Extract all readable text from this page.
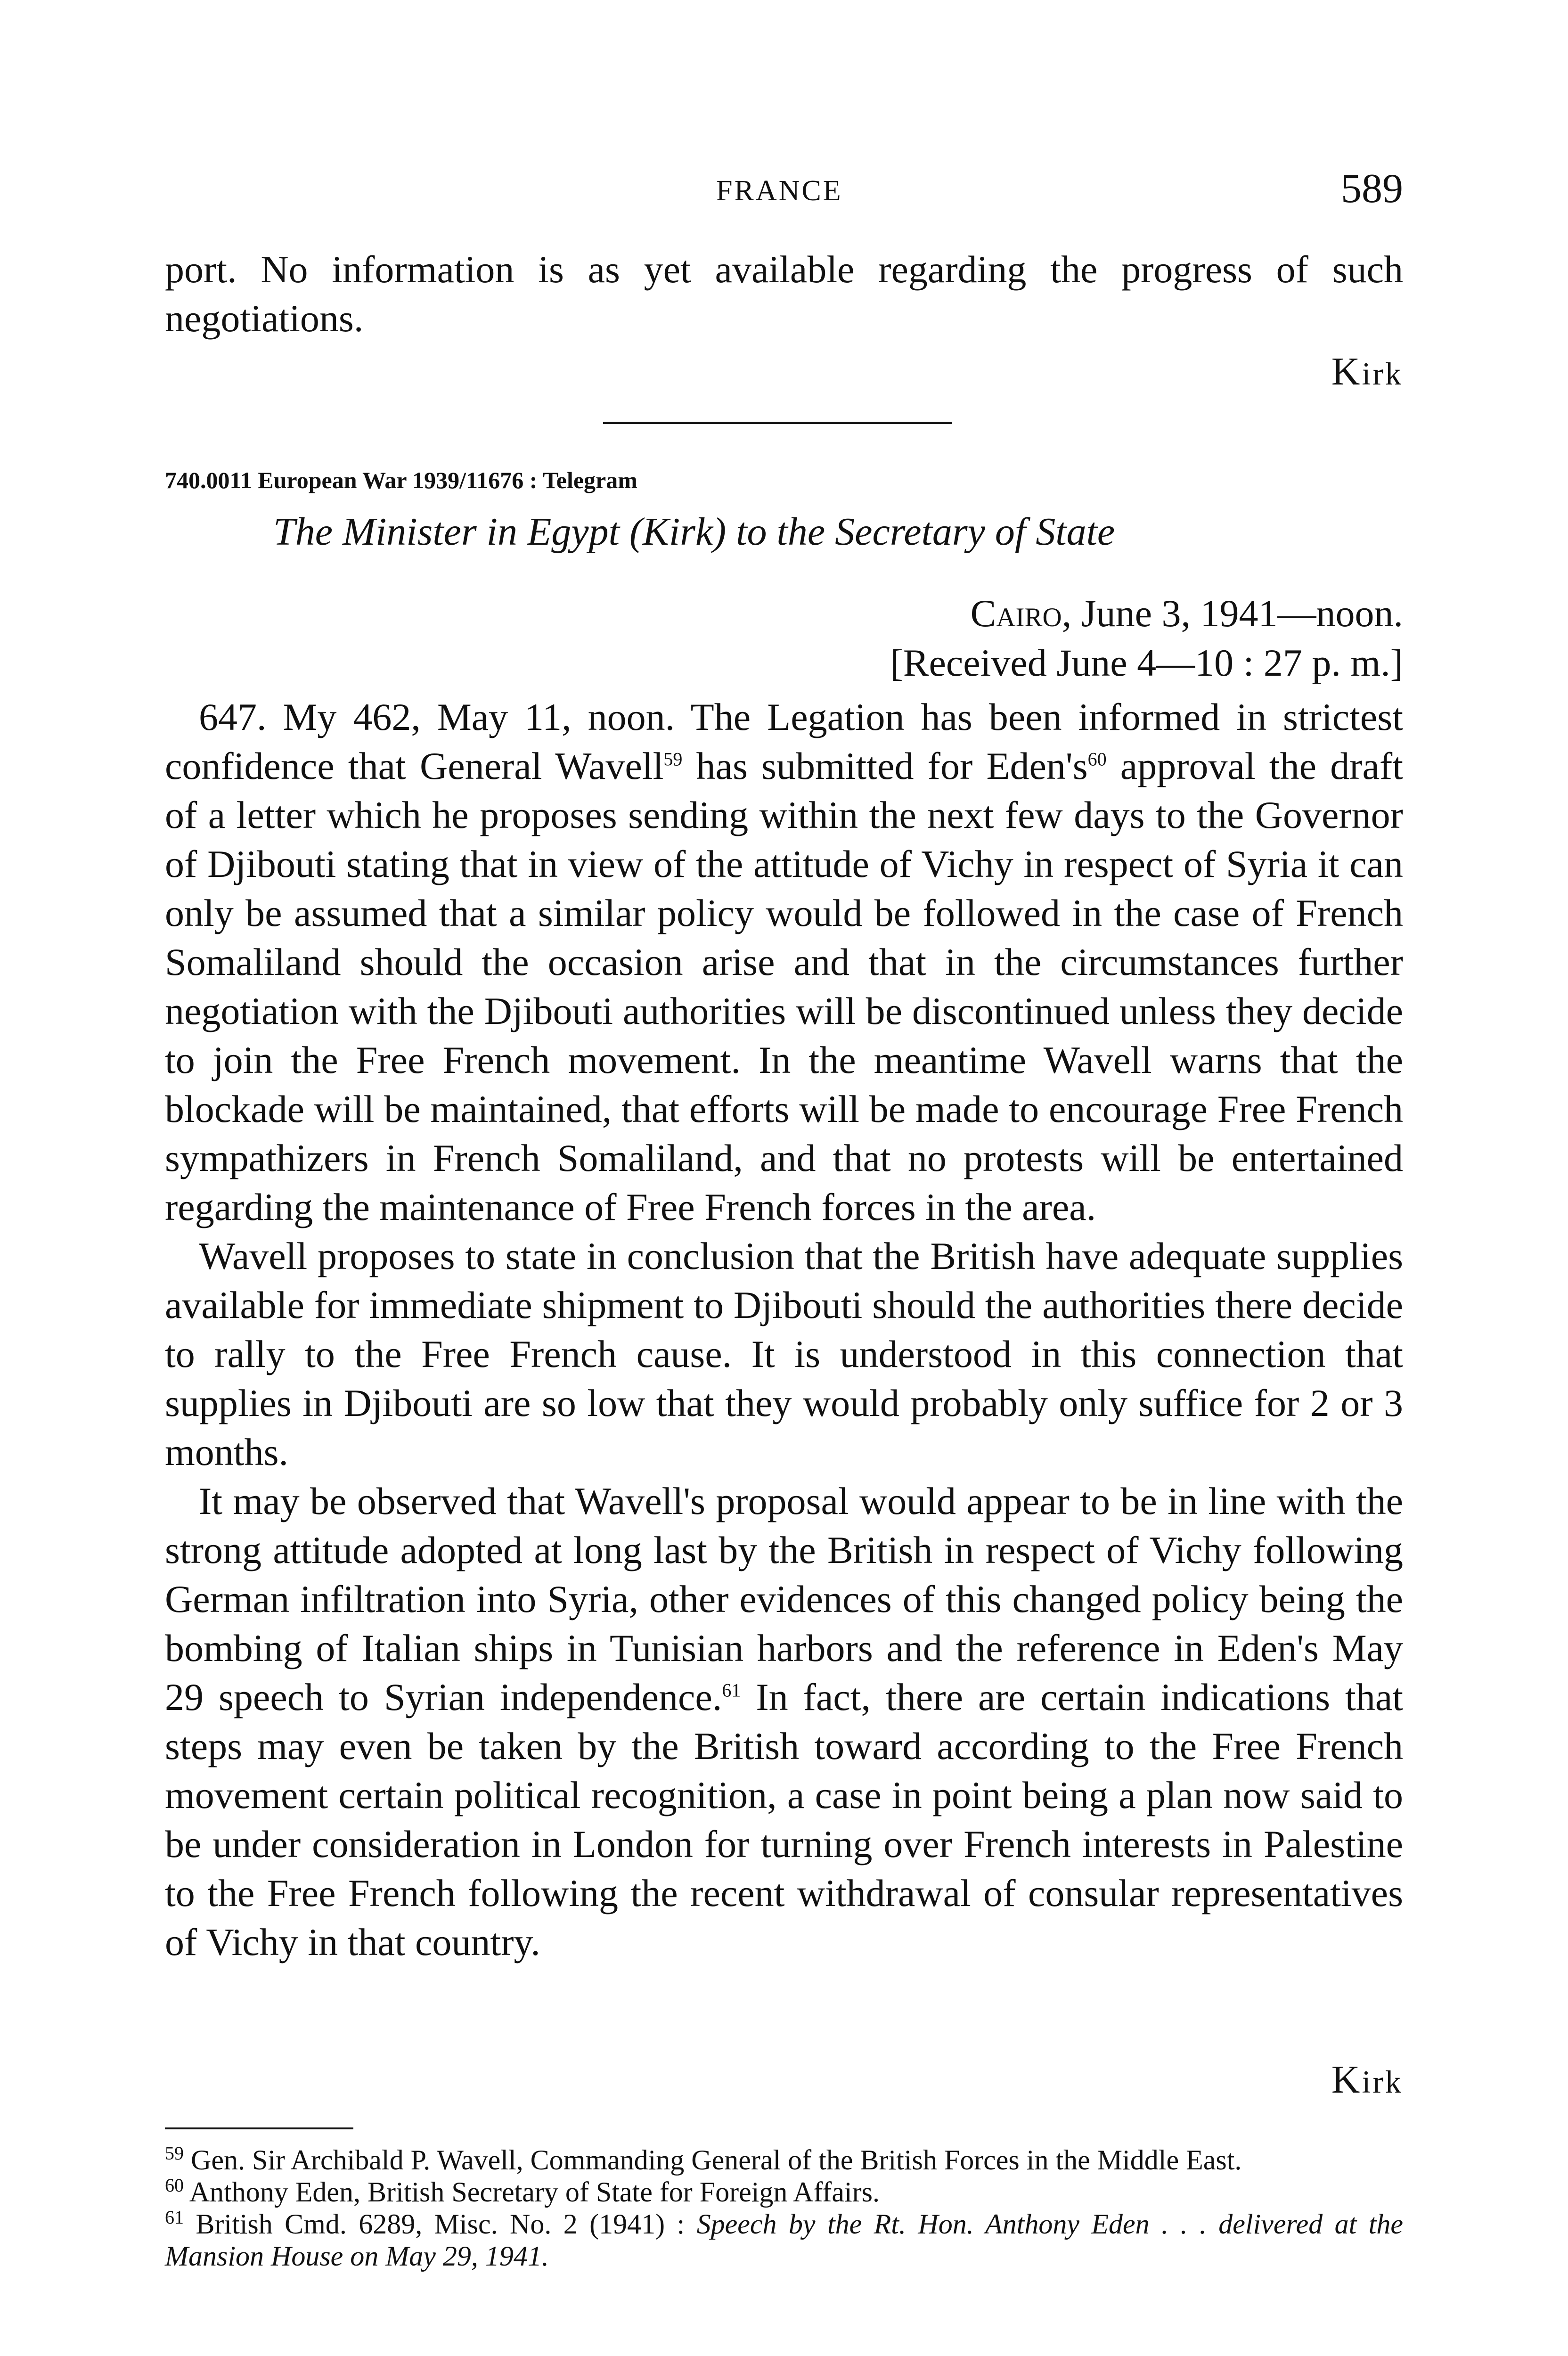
FRANCE	589
port. No information is as yet available regarding the progress of such negotiations.
Kirk
740.0011 European War 1939/11676 : Telegram
The Minister in Egypt (Kirk) to the Secretary of State
Cairo, June 3, 1941—noon.
[Received June 4—10 : 27 p. m.]

647. My 462, May 11, noon. The Legation has been informed in strictest confidence that General Wavell$^{59}$ has submitted for $Eden's^{60}$ approval the draft of a letter which he proposes sending within the next few days to the Governor of Djibouti stating that in view of the attitude of Vichy in respect of Syria it can only be assumed that a similar policy would be followed in the case of French Somaliland should the occasion arise and that in the circumstances further negotiation with the Djibouti authorities will be discontinued unless they decide to join the Free French movement. In the meantime Wavell warns that the blockade will be maintained, that efforts will be made to encourage Free French sympathizers in French Somaliland, and that no protests will be entertained regarding the maintenance of Free French forces in the area.

Wavell proposes to state in conclusion that the British have adequate supplies available for immediate shipment to Djibouti should the authorities there decide to rally to the Free French cause. It is understood in this connection that supplies in Djibouti are so low that they would probably only suffice for 2 or 3 months.

It may be observed that Wavell's proposal would appear to be in line with the strong attitude adopted at long last by the British in respect of Vichy following German infiltration into Syria, other evidences of this changed policy being the bombing of Italian ships in Tunisian harbors and the reference in Eden's May 29 speech to Syrian independence.$^{61}$ In fact, there are certain indications that steps may even be taken by the British toward according to the Free French movement certain political recognition, a case in point being a plan now said to be under consideration in London for turning over French interests in Palestine to the Free French following the recent withdrawal of consular representatives of Vichy in that country.

Kirk
$^{59}$ Gen. Sir Archibald P. Wavell, Commanding General of the British Forces in the Middle East.
$^{60}$ Anthony Eden, British Secretary of State for Foreign Affairs.
$^{61}$ British Cmd. 6289, Misc. No. 2 (1941) : Speech by the Rt. Hon. Anthony Eden . . . delivered at the Mansion House on May 29, 1941.
